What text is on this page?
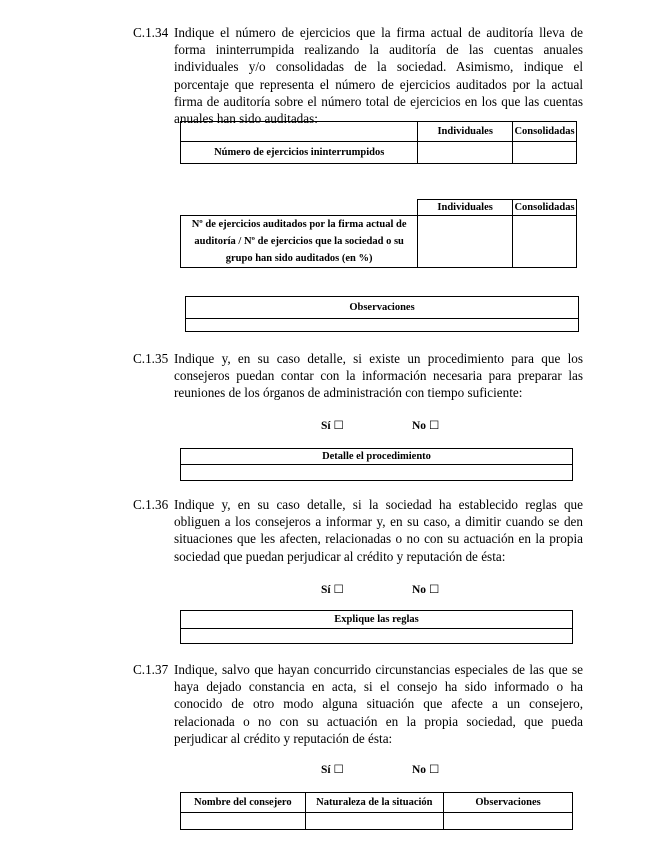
C.1.34 Indique el número de ejercicios que la firma actual de auditoría lleva de forma ininterrumpida realizando la auditoría de las cuentas anuales individuales y/o consolidadas de la sociedad. Asimismo, indique el porcentaje que representa el número de ejercicios auditados por la actual firma de auditoría sobre el número total de ejercicios en los que las cuentas anuales han sido auditadas:
	Individuales	Consolidadas
Número de ejercicios ininterrumpidos		
	Individuales	Consolidadas
Nº de ejercicios auditados por la firma actual de auditoría / Nº de ejercicios que la sociedad o su grupo han sido auditados (en %)		
Observaciones

C.1.35 Indique y, en su caso detalle, si existe un procedimiento para que los consejeros puedan contar con la información necesaria para preparar las reuniones de los órganos de administración con tiempo suficiente:
Sí ☐	No ☐
Detalle el procedimiento

C.1.36 Indique y, en su caso detalle, si la sociedad ha establecido reglas que obliguen a los consejeros a informar y, en su caso, a dimitir cuando se den situaciones que les afecten, relacionadas o no con su actuación en la propia sociedad que puedan perjudicar al crédito y reputación de ésta:
Sí ☐	No ☐
Explique las reglas

C.1.37 Indique, salvo que hayan concurrido circunstancias especiales de las que se haya dejado constancia en acta, si el consejo ha sido informado o ha conocido de otro modo alguna situación que afecte a un consejero, relacionada o no con su actuación en la propia sociedad, que pueda perjudicar al crédito y reputación de ésta:
Sí ☐	No ☐
Nombre del consejero	Naturaleza de la situación	Observaciones
